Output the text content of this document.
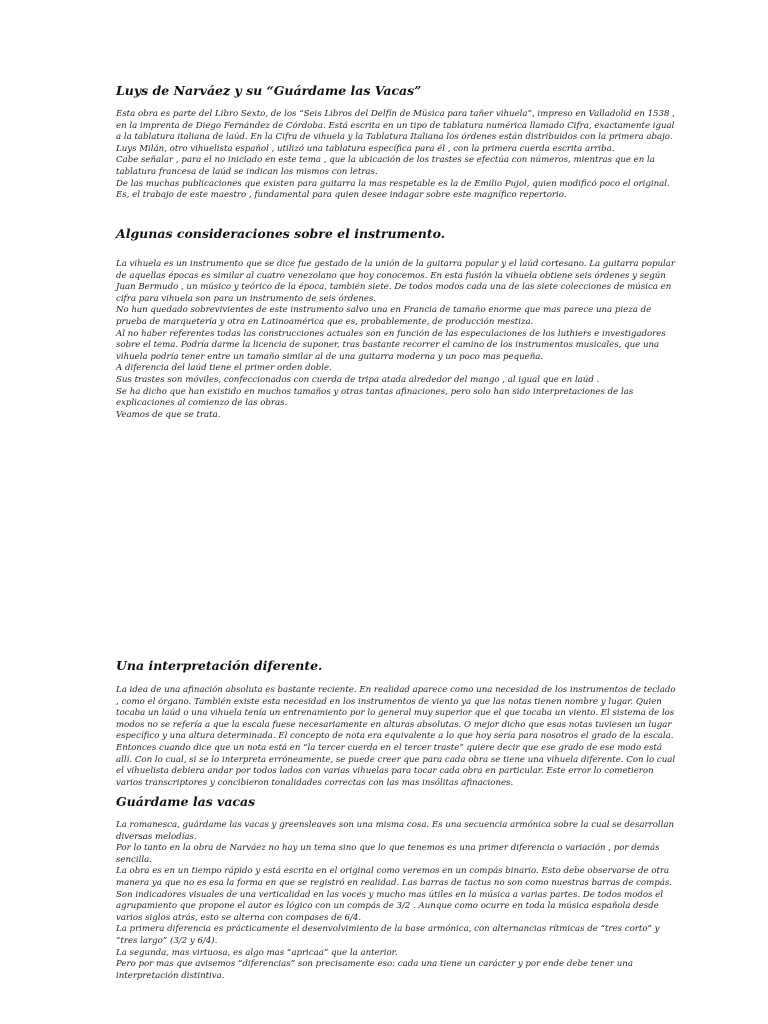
Luys de Narváez y su “Guárdame las Vacas”

Esta obra es parte del Libro Sexto, de los “Seis Libros del Delfín de Música para tañer vihuela”, impreso en Valladolid en 1538 , en la imprenta de Diego Fernández de Córdoba. Está escrita en un tipo de tablatura numérica llamado Cifra, exactamente igual a la tablatura italiana de laúd. En la Cifra de vihuela y la Tablatura Italiana los órdenes están distribuidos con la primera abajo. Luys Milán, otro vihuelista español , utilizó una tablatura específica para él , con la primera cuerda escrita arriba.

Cabe señalar , para el no iniciado en este tema , que la ubicación de los trastes se efectúa con números, mientras que en la tablatura francesa de laúd se indican los mismos con letras.

De las muchas publicaciones que existen para guitarra la mas respetable es la de Emilio Pujol, quien modificó poco el original. Es, el trabajo de este maestro , fundamental para quien desee indagar sobre este magnífico repertorio.

Algunas consideraciones sobre el instrumento.

La vihuela es un instrumento que se dice fue gestado de la unión de la guitarra popular y el laúd cortesano. La guitarra popular de aquellas épocas es similar al cuatro venezolano que hoy conocemos. En esta fusión la vihuela obtiene seis órdenes y según Juan Bermudo , un músico y teórico de la época, también siete. De todos modos cada una de las siete colecciones de música en cifra para vihuela son para un instrumento de seis órdenes.

No han quedado sobrevivientes de este instrumento salvo una en Francia de tamaño enorme que mas parece una pieza de prueba de marquetería y otra en Latinoamérica que es, probablemente, de producción mestiza.

Al no haber referentes todas las construcciones actuales son en función de las especulaciones de los luthiers e investigadores sobre el tema. Podría darme la licencia de suponer, tras bastante recorrer el camino de los instrumentos musicales, que una vihuela podría tener entre un tamaño similar al de una guitarra moderna y un poco mas pequeña.

A diferencia del laúd tiene el primer orden doble.

Sus trastes son móviles, confeccionados con cuerda de tripa atada alrededor del mango , al igual que en laúd .

Se ha dicho que han existido en muchos tamaños y otras tantas afinaciones, pero solo han sido interpretaciones de las explicaciones al comienzo de las obras.

Veamos de que se trata.

Una interpretación diferente.

La idea de una afinación absoluta es bastante reciente. En realidad aparece como una necesidad de los instrumentos de teclado , como el órgano. También existe esta necesidad en los instrumentos de viento ya que las notas tienen nombre y lugar. Quien tocaba un laúd o una vihuela tenía un entrenamiento por lo general muy superior que el que tocaba un viento. El sistema de los modos no se refería a que la escala fuese necesariamente en alturas absolutas. O mejor dicho que esas notas tuviesen un lugar específico y una altura determinada. El concepto de nota era equivalente a lo que hoy sería para nosotros el grado de la escala. Entonces cuando dice que un nota está en “la tercer cuerda en el tercer traste” quiere decir que ese grado de ese modo está allí. Con lo cual, si se lo interpreta erróneamente, se puede creer que para cada obra se tiene una vihuela diferente. Con lo cual el vihuelista debiera andar por todos lados con varias vihuelas para tocar cada obra en particular. Este error lo cometieron varios transcriptores y concibieron tonalidades correctas con las mas insólitas afinaciones.

Guárdame las vacas

La romanesca, guárdame las vacas y greensleaves son una misma cosa. Es una secuencia armónica sobre la cual se desarrollan diversas melodías.

Por lo tanto en la obra de Narváez no hay un tema sino que lo que tenemos es una primer diferencia o variación , por demás sencilla.

La obra es en un tiempo rápido y está escrita en el original como veremos en un compás binario. Esto debe observarse de otra manera ya que no es esa la forma en que se registró en realidad. Las barras de tactus no son como nuestras barras de compás. Son indicadores visuales de una verticalidad en las voces y mucho mas útiles en la música a varias partes. De todos modos el agrupamiento que propone el autor es lógico con un compás de 3/2 . Aunque como ocurre en toda la música española desde varios siglos atrás, esto se alterna con compases de 6/4.

La primera diferencia es prácticamente el desenvolvimiento de la base armónica, con alternancias rítmicas de “tres corto” y “tres largo” (3/2 y 6/4).

La segunda, mas virtuosa, es algo mas “apricaa” que la anterior.

Pero por mas que avisemos “diferencias” son precisamente eso: cada una tiene un carácter y por ende debe tener una interpretación distintiva.
